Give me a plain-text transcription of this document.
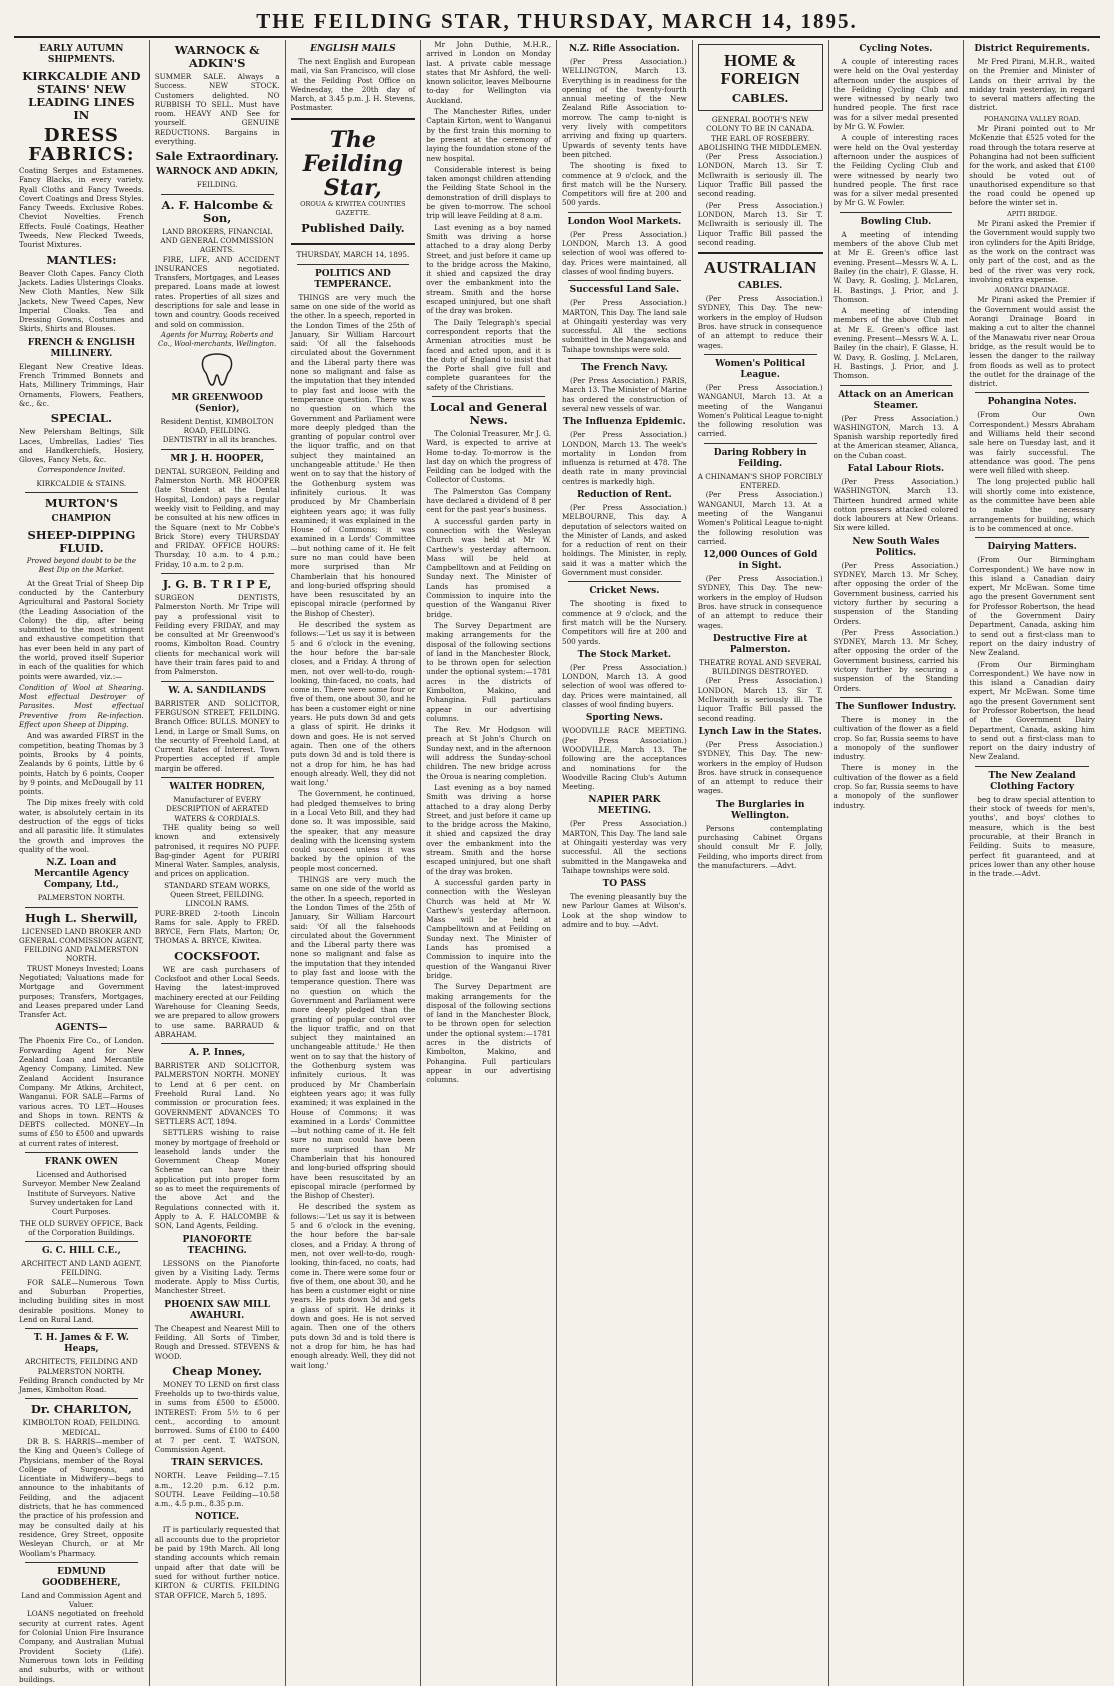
THE FEILDING STAR, THURSDAY, MARCH 14, 1895.
EARLY AUTUMN SHIPMENTS.
KIRKCALDIE AND STAINS' NEW LEADING LINES IN
DRESS FABRICS:
Coating Serges and Estamenes. Fancy Blacks, in every variety. Ryall Cloths and Fancy Tweeds. Covert Coatings and Dress Styles. Fancy Tweeds. Exclusive Robes. Cheviot Novelties. French Effects. Foulé Coatings, Heather Tweeds, New Flecked Tweeds, Tourist Mixtures.
MANTLES:
Beaver Cloth Capes. Fancy Cloth Jackets. Ladies Ulsterings Cloaks. New Cloth Mantles, New Silk Jackets, New Tweed Capes, New Imperial Cloaks. Tea and Dressing Gowns, Costumes and Skirts, Shirts and Blouses.
FRENCH & ENGLISH MILLINERY.
Elegant New Creative Ideas. French Trimmed Bonnets and Hats, Millinery Trimmings, Hair Ornaments, Flowers, Feathers, &c., &c.
SPECIAL.
New Pelersham Beltings, Silk Laces, Umbrellas, Ladies' Ties and Handkerchiefs, Hosiery, Gloves, Fancy Nets, &c.
Correspondence Invited.
KIRKCALDIE & STAINS.
MURTON'S
CHAMPION
SHEEP-DIPPING FLUID.
Proved beyond doubt to be the Best Dip on the Market.
At the Great Trial of Sheep Dip conducted by the Canterbury Agricultural and Pastoral Society (the Leading Association of the Colony) the dip, after being submitted to the most stringent and exhaustive competition that has ever been held in any part of the world, proved itself Superior in each of the qualities for which points were awarded, viz.:—
Condition of Wool at Shearing. Most effectual Destroyer of Parasites. Most effectual Preventive from Re-infection. Effect upon Sheep at Dipping.
And was awarded FIRST in the competition, beating Thomas by 3 points, Brooks by 4 points, Zealands by 6 points, Little by 6 points, Hatch by 6 points, Cooper by 9 points, and McDougall by 11 points.
The Dip mixes freely with cold water, is absolutely certain in its destruction of the eggs of ticks and all parasitic life. It stimulates the growth and improves the quality of the wool.
N.Z. Loan and Mercantile Agency Company, Ltd.,
PALMERSTON NORTH.
Hugh L. Sherwill,
LICENSED LAND BROKER AND GENERAL COMMISSION AGENT, FEILDING AND PALMERSTON NORTH.
TRUST Moneys Invested; Loans Negotiated; Valuations made for Mortgage and Government purposes; Transfers, Mortgages, and Leases prepared under Land Transfer Act.
AGENTS—
The Phoenix Fire Co., of London. Forwarding Agent for New Zealand Loan and Mercantile Agency Company, Limited. New Zealand Accident Insurance Company. Mr Atkins, Architect, Wanganui. FOR SALE—Farms of various acres. TO LET—Houses and Shops in town. RENTS & DEBTS collected. MONEY—In sums of £50 to £500 and upwards at current rates of interest.
FRANK OWEN
Licensed and Authorised Surveyor. Member New Zealand Institute of Surveyors. Native Survey undertaken for Land Court Purposes.
THE OLD SURVEY OFFICE, Back of the Corporation Buildings.
G. C. HILL C.E.,
ARCHITECT AND LAND AGENT, FEILDING.
FOR SALE—Numerous Town and Suburban Properties, including building sites in most desirable positions. Money to Lend on Rural Land.
T. H. James & F. W. Heaps,
ARCHITECTS, FEILDING AND PALMERSTON NORTH.
Feilding Branch conducted by Mr James, Kimbolton Road.
Dr. CHARLTON,
KIMBOLTON ROAD, FEILDING. MEDICAL.
DR B. S. HARRIS—member of the King and Queen's College of Physicians, member of the Royal College of Surgeons, and Licentiate in Midwifery—begs to announce to the inhabitants of Feilding, and the adjacent districts, that he has commenced the practice of his profession and may be consulted daily at his residence, Grey Street, opposite Wesleyan Church, or at Mr Woollam's Pharmacy.
EDMUND GOODBEHERE,
Land and Commission Agent and Valuer.
LOANS negotiated on freehold security at current rates. Agent for Colonial Union Fire Insurance Company, and Australian Mutual Provident Society (Life). Numerous town lots in Feilding and suburbs, with or without buildings.
WARNOCK & ADKIN'S
SUMMER SALE. Always a Success. NEW STOCK. Customers delighted. NO RUBBISH TO SELL. Must have room. HEAVY AND See for yourself. GENUINE REDUCTIONS. Bargains in everything.
Sale Extraordinary.
WARNOCK AND ADKIN,
FEILDING.
A. F. Halcombe & Son,
LAND BROKERS, FINANCIAL AND GENERAL COMMISSION AGENTS.
FIRE, LIFE, AND ACCIDENT INSURANCES negotiated. Transfers, Mortgages, and Leases prepared. Loans made at lowest rates. Properties of all sizes and descriptions for sale and lease in town and country. Goods received and sold on commission.
Agents for Murray, Roberts and Co., Wool-merchants, Wellington.
MR GREENWOOD (Senior),
Resident Dentist, KIMBOLTON ROAD, FEILDING.
DENTISTRY in all its branches.
MR J. H. HOOPER,
DENTAL SURGEON, Feilding and Palmerston North. MR HOOPER (late Student at the Dental Hospital, London) pays a regular weekly visit to Feilding, and may be consulted at his new offices in the Square (next to Mr Cobbe's Brick Store) every THURSDAY and FRIDAY. OFFICE HOURS: Thursday, 10 a.m. to 4 p.m.; Friday, 10 a.m. to 2 p.m.
J. G. B. T R I P E,
SURGEON DENTISTS, Palmerston North. Mr Tripe will pay a professional visit to Feilding every FRIDAY, and may be consulted at Mr Greenwood's rooms, Kimbolton Road. Country clients for mechanical work will have their train fares paid to and from Palmerston.
W. A. SANDILANDS
BARRISTER AND SOLICITOR, FERGUSON STREET, FEILDING. Branch Office: BULLS. MONEY to Lend, in Large or Small Sums, on the security of Freehold Land, at Current Rates of Interest. Town Properties accepted if ample margin be offered.
WALTER HODREN,
Manufacturer of EVERY DESCRIPTION of AERATED WATERS & CORDIALS.
THE quality being so well known and extensively patronised, it requires NO PUFF. Bag-ginder Agent for PURIRI Mineral Water. Samples, analysis, and prices on application.
STANDARD STEAM WORKS, Queen Street, FEILDING. LINCOLN RAMS.
PURE-BRED 2-tooth Lincoln Rams for sale. Apply to FRED. BRYCE, Fern Flats, Marton; Or, THOMAS A. BRYCE, Kiwitea.
COCKSFOOT.
WE are cash purchasers of Cocksfoot and other Local Seeds. Having the latest-improved machinery erected at our Feilding Warehouse for Cleaning Seeds, we are prepared to allow growers to use same. BARRAUD & ABRAHAM.
A. P. Innes,
BARRISTER AND SOLICITOR, PALMERSTON NORTH. MONEY to Lend at 6 per cent. on Freehold Rural Land. No commission or procuration fees. GOVERNMENT ADVANCES TO SETTLERS ACT, 1894.
SETTLERS wishing to raise money by mortgage of freehold or leasehold lands under the Government Cheap Money Scheme can have their application put into proper form so as to meet the requirements of the above Act and the Regulations connected with it. Apply to A. F. HALCOMBE & SON, Land Agents, Feilding.
PIANOFORTE TEACHING.
LESSONS on the Pianoforte given by a Visiting Lady. Terms moderate. Apply to Miss Curtis, Manchester Street.
PHOENIX SAW MILL AWAHURI.
The Cheapest and Nearest Mill to Feilding. All Sorts of Timber, Rough and Dressed. STEVENS & WOOD.
Cheap Money.
MONEY TO LEND on first class Freeholds up to two-thirds value, in sums from £500 to £5000. INTEREST: From 5½ to 6 per cent., according to amount borrowed. Sums of £100 to £400 at 7 per cent. T. WATSON, Commission Agent.
TRAIN SERVICES.
NORTH. Leave Feilding—7.15 a.m., 12.20 p.m. 6.12 p.m. SOUTH. Leave Feilding—10.58 a.m., 4.5 p.m., 8.35 p.m.
NOTICE.
IT is particularly requested that all accounts due to the proprietor be paid by 19th March. All long standing accounts which remain unpaid after that date will be sued for without further notice. KIRTON & CURTIS. FEILDING STAR OFFICE, March 5, 1895.
ENGLISH MAILS
The next English and European mail, via San Francisco, will close at the Feilding Post Office on Wednesday, the 20th day of March, at 3.45 p.m. J. H. Stevens, Postmaster.
The Feilding Star,
OROUA & KIWITEA COUNTIES GAZETTE.
Published Daily.
THURSDAY, MARCH 14, 1895.
POLITICS AND TEMPERANCE.
THINGS are very much the same on one side of the world as the other. In a speech, reported in the London Times of the 25th of January, Sir William Harcourt said: 'Of all the falsehoods circulated about the Government and the Liberal party there was none so malignant and false as the imputation that they intended to play fast and loose with the temperance question. There was no question on which the Government and Parliament were more deeply pledged than the granting of popular control over the liquor traffic, and on that subject they maintained an unchangeable attitude.' He then went on to say that the history of the Gothenburg system was infinitely curious. It was produced by Mr Chamberlain eighteen years ago; it was fully examined; it was explained in the House of Commons; it was examined in a Lords' Committee—but nothing came of it. He felt sure no man could have been more surprised than Mr Chamberlain that his honoured and long-buried offspring should have been resuscitated by an episcopal miracle (performed by the Bishop of Chester).
He described the system as follows:—'Let us say it is between 5 and 6 o'clock in the evening, the hour before the bar-sale closes, and a Friday. A throng of men, not over well-to-do, rough-looking, thin-faced, no coats, had come in. There were some four or five of them, one about 30, and he has been a customer eight or nine years. He puts down 3d and gets a glass of spirit. He drinks it down and goes. He is not served again. Then one of the others puts down 3d and is told there is not a drop for him, he has had enough already. Well, they did not wait long.'
The Government, he continued, had pledged themselves to bring in a Local Veto Bill, and they had done so. It was impossible, said the speaker, that any measure dealing with the licensing system could succeed unless it was backed by the opinion of the people most concerned.
THINGS are very much the same on one side of the world as the other. In a speech, reported in the London Times of the 25th of January, Sir William Harcourt said: 'Of all the falsehoods circulated about the Government and the Liberal party there was none so malignant and false as the imputation that they intended to play fast and loose with the temperance question. There was no question on which the Government and Parliament were more deeply pledged than the granting of popular control over the liquor traffic, and on that subject they maintained an unchangeable attitude.' He then went on to say that the history of the Gothenburg system was infinitely curious. It was produced by Mr Chamberlain eighteen years ago; it was fully examined; it was explained in the House of Commons; it was examined in a Lords' Committee—but nothing came of it. He felt sure no man could have been more surprised than Mr Chamberlain that his honoured and long-buried offspring should have been resuscitated by an episcopal miracle (performed by the Bishop of Chester).
He described the system as follows:—'Let us say it is between 5 and 6 o'clock in the evening, the hour before the bar-sale closes, and a Friday. A throng of men, not over well-to-do, rough-looking, thin-faced, no coats, had come in. There were some four or five of them, one about 30, and he has been a customer eight or nine years. He puts down 3d and gets a glass of spirit. He drinks it down and goes. He is not served again. Then one of the others puts down 3d and is told there is not a drop for him, he has had enough already. Well, they did not wait long.'
Mr John Duthie, M.H.R., arrived in London on Monday last. A private cable message states that Mr Ashford, the well-known solicitor, leaves Melbourne to-day for Wellington via Auckland.
The Manchester Rifles, under Captain Kirton, went to Wanganui by the first train this morning to be present at the ceremony of laying the foundation stone of the new hospital.
Considerable interest is being taken amongst children attending the Feilding State School in the demonstration of drill displays to be given to-morrow. The school trip will leave Feilding at 8 a.m.
Last evening as a boy named Smith was driving a horse attached to a dray along Derby Street, and just before it came up to the bridge across the Makino, it shied and capsized the dray over the embankment into the stream. Smith and the horse escaped uninjured, but one shaft of the dray was broken.
The Daily Telegraph's special correspondent reports that the Armenian atrocities must be faced and acted upon, and it is the duty of England to insist that the Porte shall give full and complete guarantees for the safety of the Christians.
Local and General News.
The Colonial Treasurer, Mr J. G. Ward, is expected to arrive at Home to-day. To-morrow is the last day on which the progress of Feilding can be lodged with the Collector of Customs.
The Palmerston Gas Company have declared a dividend of 8 per cent for the past year's business.
A successful garden party in connection with the Wesleyan Church was held at Mr W. Carthew's yesterday afternoon. Mass will be held at Campbelltown and at Feilding on Sunday next. The Minister of Lands has promised a Commission to inquire into the question of the Wanganui River bridge.
The Survey Department are making arrangements for the disposal of the following sections of land in the Manchester Block, to be thrown open for selection under the optional system:—1781 acres in the districts of Kimbolton, Makino, and Pohangina. Full particulars appear in our advertising columns.
The Rev. Mr Hodgson will preach at St John's Church on Sunday next, and in the afternoon will address the Sunday-school children. The new bridge across the Oroua is nearing completion.
Last evening as a boy named Smith was driving a horse attached to a dray along Derby Street, and just before it came up to the bridge across the Makino, it shied and capsized the dray over the embankment into the stream. Smith and the horse escaped uninjured, but one shaft of the dray was broken.
A successful garden party in connection with the Wesleyan Church was held at Mr W. Carthew's yesterday afternoon. Mass will be held at Campbelltown and at Feilding on Sunday next. The Minister of Lands has promised a Commission to inquire into the question of the Wanganui River bridge.
The Survey Department are making arrangements for the disposal of the following sections of land in the Manchester Block, to be thrown open for selection under the optional system:—1781 acres in the districts of Kimbolton, Makino, and Pohangina. Full particulars appear in our advertising columns.
N.Z. Rifle Association.
(Per Press Association.) WELLINGTON, March 13. Everything is in readiness for the opening of the twenty-fourth annual meeting of the New Zealand Rifle Association to-morrow. The camp to-night is very lively with competitors arriving and fixing up quarters. Upwards of seventy tents have been pitched.
The shooting is fixed to commence at 9 o'clock, and the first match will be the Nursery. Competitors will fire at 200 and 500 yards.
London Wool Markets.
(Per Press Association.) LONDON, March 13. A good selection of wool was offered to-day. Prices were maintained, all classes of wool finding buyers.
Successful Land Sale.
(Per Press Association.) MARTON, This Day. The land sale at Ohingaiti yesterday was very successful. All the sections submitted in the Mangaweka and Taihape townships were sold.
The French Navy.
(Per Press Association.) PARIS, March 13. The Minister of Marine has ordered the construction of several new vessels of war.
The Influenza Epidemic.
(Per Press Association.) LONDON, March 13. The week's mortality in London from influenza is returned at 478. The death rate in many provincial centres is markedly high.
Reduction of Rent.
(Per Press Association.) MELBOURNE, This day. A deputation of selectors waited on the Minister of Lands, and asked for a reduction of rent on their holdings. The Minister, in reply, said it was a matter which the Government must consider.
Cricket News.
The shooting is fixed to commence at 9 o'clock, and the first match will be the Nursery. Competitors will fire at 200 and 500 yards.
The Stock Market.
(Per Press Association.) LONDON, March 13. A good selection of wool was offered to-day. Prices were maintained, all classes of wool finding buyers.
Sporting News.
WOODVILLE RACE MEETING. (Per Press Association.) WOODVILLE, March 13. The following are the acceptances and nominations for the Woodville Racing Club's Autumn Meeting.
NAPIER PARK MEETING.
(Per Press Association.) MARTON, This Day. The land sale at Ohingaiti yesterday was very successful. All the sections submitted in the Mangaweka and Taihape townships were sold.
TO PASS
The evening pleasantly buy the new Parlour Games at Wilson's. Look at the shop window to admire and to buy. —Advt.
HOME & FOREIGN
CABLES.
GENERAL BOOTH'S NEW COLONY TO BE IN CANADA.
THE EARL OF ROSEBERY.
ABOLISHING THE MIDDLEMEN.
(Per Press Association.) LONDON, March 13. Sir T. McIlwraith is seriously ill. The Liquor Traffic Bill passed the second reading.
(Per Press Association.) LONDON, March 13. Sir T. McIlwraith is seriously ill. The Liquor Traffic Bill passed the second reading.
AUSTRALIAN
CABLES.
(Per Press Association.) SYDNEY, This Day. The new-workers in the employ of Hudson Bros. have struck in consequence of an attempt to reduce their wages.
Women's Political League.
(Per Press Association.) WANGANUI, March 13. At a meeting of the Wanganui Women's Political League to-night the following resolution was carried.
Daring Robbery in Feilding.
A CHINAMAN'S SHOP FORCIBLY ENTERED.
(Per Press Association.) WANGANUI, March 13. At a meeting of the Wanganui Women's Political League to-night the following resolution was carried.
12,000 Ounces of Gold in Sight.
(Per Press Association.) SYDNEY, This Day. The new-workers in the employ of Hudson Bros. have struck in consequence of an attempt to reduce their wages.
Destructive Fire at Palmerston.
THEATRE ROYAL AND SEVERAL BUILDINGS DESTROYED.
(Per Press Association.) LONDON, March 13. Sir T. McIlwraith is seriously ill. The Liquor Traffic Bill passed the second reading.
Lynch Law in the States.
(Per Press Association.) SYDNEY, This Day. The new-workers in the employ of Hudson Bros. have struck in consequence of an attempt to reduce their wages.
The Burglaries in Wellington.
Persons contemplating purchasing Cabinet Organs should consult Mr F. Jolly, Feilding, who imports direct from the manufacturers. —Advt.
Cycling Notes.
A couple of interesting races were held on the Oval yesterday afternoon under the auspices of the Feilding Cycling Club and were witnessed by nearly two hundred people. The first race was for a silver medal presented by Mr G. W. Fowler.
A couple of interesting races were held on the Oval yesterday afternoon under the auspices of the Feilding Cycling Club and were witnessed by nearly two hundred people. The first race was for a silver medal presented by Mr G. W. Fowler.
Bowling Club.
A meeting of intending members of the above Club met at Mr E. Green's office last evening. Present—Messrs W. A. L. Bailey (in the chair), F. Glasse, H. W. Davy, R. Gosling, J. McLaren, H. Bastings, J. Prior, and J. Thomson.
A meeting of intending members of the above Club met at Mr E. Green's office last evening. Present—Messrs W. A. L. Bailey (in the chair), F. Glasse, H. W. Davy, R. Gosling, J. McLaren, H. Bastings, J. Prior, and J. Thomson.
Attack on an American Steamer.
(Per Press Association.) WASHINGTON, March 13. A Spanish warship reportedly fired at the American steamer, Alianca, on the Cuban coast.
Fatal Labour Riots.
(Per Press Association.) WASHINGTON, March 13. Thirteen hundred armed white cotton pressers attacked colored dock labourers at New Orleans. Six were killed.
New South Wales Politics.
(Per Press Association.) SYDNEY, March 13. Mr Schey, after opposing the order of the Government business, carried his victory further by securing a suspension of the Standing Orders.
(Per Press Association.) SYDNEY, March 13. Mr Schey, after opposing the order of the Government business, carried his victory further by securing a suspension of the Standing Orders.
The Sunflower Industry.
There is money in the cultivation of the flower as a field crop. So far, Russia seems to have a monopoly of the sunflower industry.
There is money in the cultivation of the flower as a field crop. So far, Russia seems to have a monopoly of the sunflower industry.
District Requirements.
Mr Fred Pirani, M.H.R., waited on the Premier and Minister of Lands on their arrival by the midday train yesterday, in regard to several matters affecting the district.
POHANGINA VALLEY ROAD.
Mr Pirani pointed out to Mr McKenzie that £525 voted for the road through the totara reserve at Pohangina had not been sufficient for the work, and asked that £100 should be voted out of unauthorised expenditure so that the road could be opened up before the winter set in.
APITI BRIDGE.
Mr Pirani asked the Premier if the Government would supply two iron cylinders for the Apiti Bridge, as the work on the contract was only part of the cost, and as the bed of the river was very rock, involving extra expense.
AORANGI DRAINAGE.
Mr Pirani asked the Premier if the Government would assist the Aorangi Drainage Board in making a cut to alter the channel of the Manawatu river near Oroua bridge, as the result would be to lessen the danger to the railway from floods as well as to protect the outlet for the drainage of the district.
Pohangina Notes.
(From Our Own Correspondent.) Messrs Abraham and Williams held their second sale here on Tuesday last, and it was fairly successful. The attendance was good. The pens were well filled with sheep.
The long projected public hall will shortly come into existence, as the committee have been able to make the necessary arrangements for building, which is to be commenced at once.
Dairying Matters.
(From Our Birmingham Correspondent.) We have now in this island a Canadian dairy expert, Mr McEwan. Some time ago the present Government sent for Professor Robertson, the head of the Government Dairy Department, Canada, asking him to send out a first-class man to report on the dairy industry of New Zealand.
(From Our Birmingham Correspondent.) We have now in this island a Canadian dairy expert, Mr McEwan. Some time ago the present Government sent for Professor Robertson, the head of the Government Dairy Department, Canada, asking him to send out a first-class man to report on the dairy industry of New Zealand.
The New Zealand Clothing Factory
beg to draw special attention to their stock of tweeds for men's, youths', and boys' clothes to measure, which is the best procurable, at their Branch in Feilding. Suits to measure, perfect fit guaranteed, and at prices lower than any other house in the trade.—Advt.
